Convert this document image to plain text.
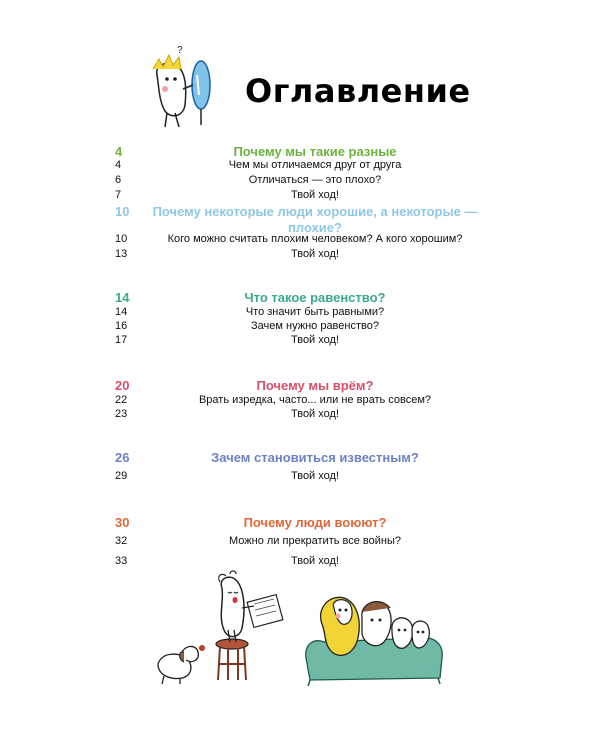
?
Оглавление
4	Почему мы такие разные
4	Чем мы отличаемся друг от друга
6	Отличаться — это плохо?
7	Твой ход!
10 Почему некоторые люди хорошие, а некоторые — плохие?
10	Кого можно считать плохим человеком? А кого хорошим?
13	Твой ход!
14	Что такое равенство?
14	Что значит быть равными?
16	Зачем нужно равенство?
17	Твой ход!
20	Почему мы врём?
22	Врать изредка, часто... или не врать совсем?
23	Твой ход!
26	Зачем становиться известным?
29	Твой ход!
30	Почему люди воюют?
32	Можно ли прекратить все войны?
33	Твой ход!
